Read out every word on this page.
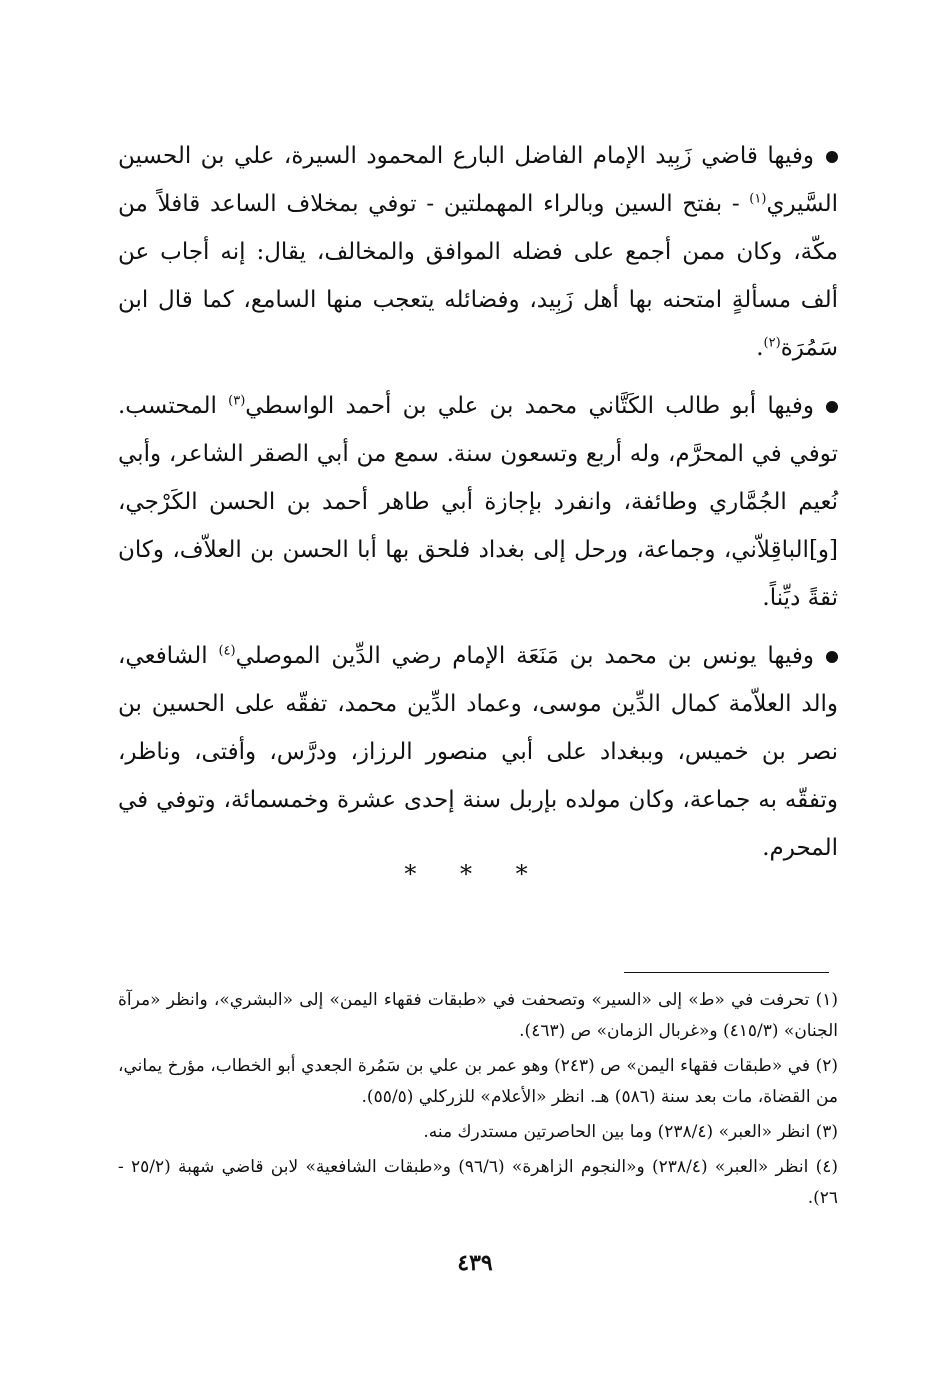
وفيها قاضي زَبِيد الإمام الفاضل البارع المحمود السيرة، علي بن الحسين السَّيري$^{(١)}$ - بفتح السين وبالراء المهملتين - توفي بمخلاف الساعد قافلاً من مكّة، وكان ممن أجمع على فضله الموافق والمخالف، يقال: إنه أجاب عن ألف مسألةٍ امتحنه بها أهل زَبِيد، وفضائله يتعجب منها السامع، كما قال ابن سَمُرَة$^{(٢)}$.

وفيها أبو طالب الكَتَّاني محمد بن علي بن أحمد الواسطي$^{(٣)}$ المحتسب. توفي في المحرَّم، وله أربع وتسعون سنة. سمع من أبي الصقر الشاعر، وأبي نُعيم الجُمَّاري وطائفة، وانفرد بإجازة أبي طاهر أحمد بن الحسن الكَرْجي، [و]الباقِلاّني، وجماعة، ورحل إلى بغداد فلحق بها أبا الحسن بن العلاّف، وكان ثقةً ديِّناً.

وفيها يونس بن محمد بن مَنَعَة الإمام رضي الدِّين الموصلي$^{(٤)}$ الشافعي، والد العلاّمة كمال الدِّين موسى، وعماد الدِّين محمد، تفقّه على الحسين بن نصر بن خميس، وببغداد على أبي منصور الرزاز، ودرَّس، وأفتى، وناظر، وتفقّه به جماعة، وكان مولده بإربل سنة إحدى عشرة وخمسمائة، وتوفي في المحرم.

* * *

(١) تحرفت في «ط» إلى «السير» وتصحفت في «طبقات فقهاء اليمن» إلى «البشري»، وانظر «مرآة الجنان» (٤١٥/٣) و«غربال الزمان» ص (٤٦٣).

(٢) في «طبقات فقهاء اليمن» ص (٢٤٣) وهو عمر بن علي بن سَمُرة الجعدي أبو الخطاب، مؤرخ يماني، من القضاة، مات بعد سنة (٥٨٦) هـ. انظر «الأعلام» للزركلي (٥٥/٥).

(٣) انظر «العبر» (٢٣٨/٤) وما بين الحاصرتين مستدرك منه.

(٤) انظر «العبر» (٢٣٨/٤) و«النجوم الزاهرة» (٩٦/٦) و«طبقات الشافعية» لابن قاضي شهبة (٢٥/٢ - ٢٦).

٤٣٩
